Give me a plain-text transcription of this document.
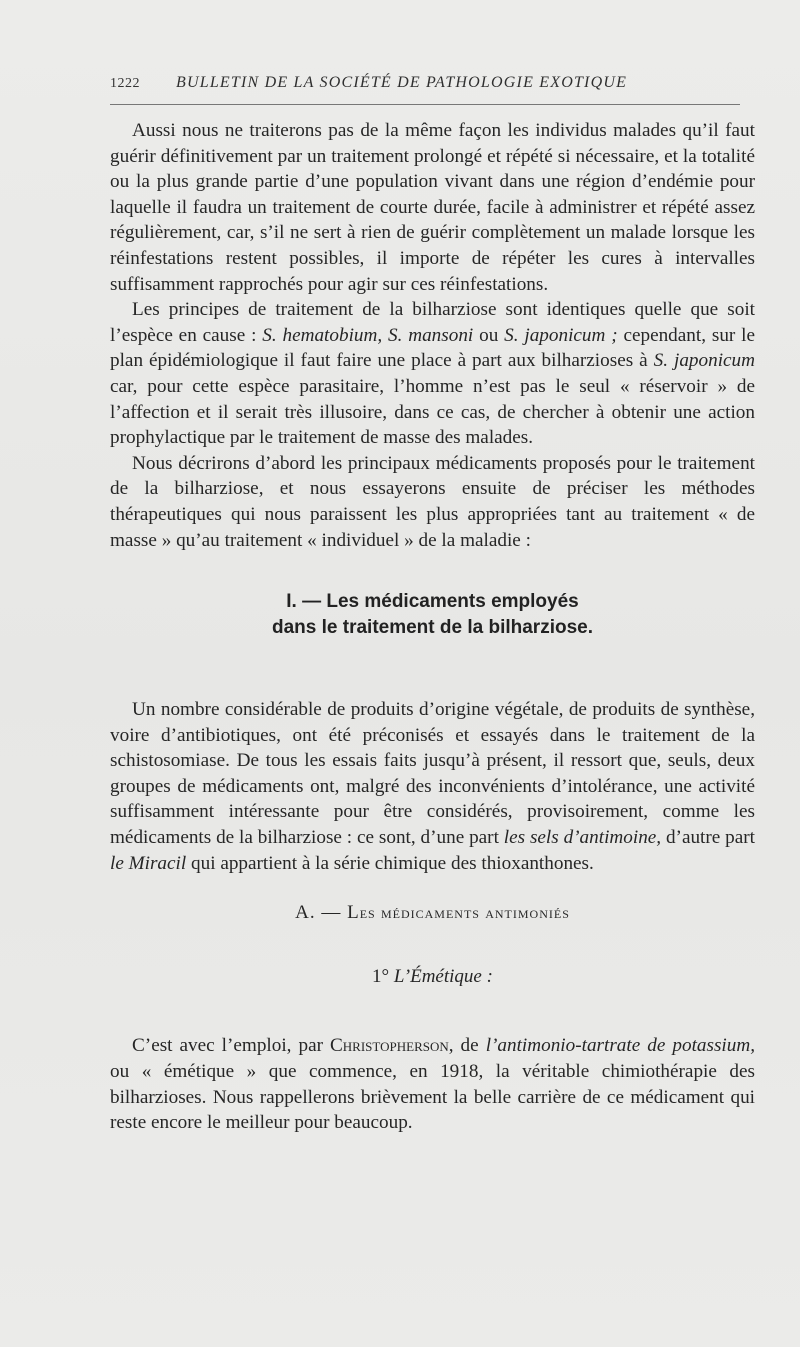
1222 BULLETIN DE LA SOCIÉTÉ DE PATHOLOGIE EXOTIQUE

Aussi nous ne traiterons pas de la même façon les individus malades qu’il faut guérir définitivement par un traitement prolongé et répété si nécessaire, et la totalité ou la plus grande partie d’une population vivant dans une région d’endémie pour laquelle il faudra un traitement de courte durée, facile à administrer et répété assez régulièrement, car, s’il ne sert à rien de guérir complètement un malade lorsque les réinfestations restent possibles, il importe de répéter les cures à intervalles suffisamment rapprochés pour agir sur ces réinfestations.

Les principes de traitement de la bilharziose sont identiques quelle que soit l’espèce en cause : S. hematobium, S. mansoni ou S. japonicum ; cependant, sur le plan épidémiologique il faut faire une place à part aux bilharzioses à S. japonicum car, pour cette espèce parasitaire, l’homme n’est pas le seul « réservoir » de l’affection et il serait très illusoire, dans ce cas, de chercher à obtenir une action prophylactique par le traitement de masse des malades.

Nous décrirons d’abord les principaux médicaments proposés pour le traitement de la bilharziose, et nous essayerons ensuite de préciser les méthodes thérapeutiques qui nous paraissent les plus appropriées tant au traitement « de masse » qu’au traitement « individuel » de la maladie :

I. — Les médicaments employés
dans le traitement de la bilharziose.

Un nombre considérable de produits d’origine végétale, de produits de synthèse, voire d’antibiotiques, ont été préconisés et essayés dans le traitement de la schistosomiase. De tous les essais faits jusqu’à présent, il ressort que, seuls, deux groupes de médicaments ont, malgré des inconvénients d’intolérance, une activité suffisamment intéressante pour être considérés, provisoirement, comme les médicaments de la bilharziose : ce sont, d’une part les sels d’antimoine, d’autre part le Miracil qui appartient à la série chimique des thioxanthones.

A. — Les médicaments antimoniés
1° L’Émétique :

C’est avec l’emploi, par Christopherson, de l’antimonio-tartrate de potassium, ou « émétique » que commence, en 1918, la véritable chimiothérapie des bilharzioses. Nous rappellerons brièvement la belle carrière de ce médicament qui reste encore le meilleur pour beaucoup.
